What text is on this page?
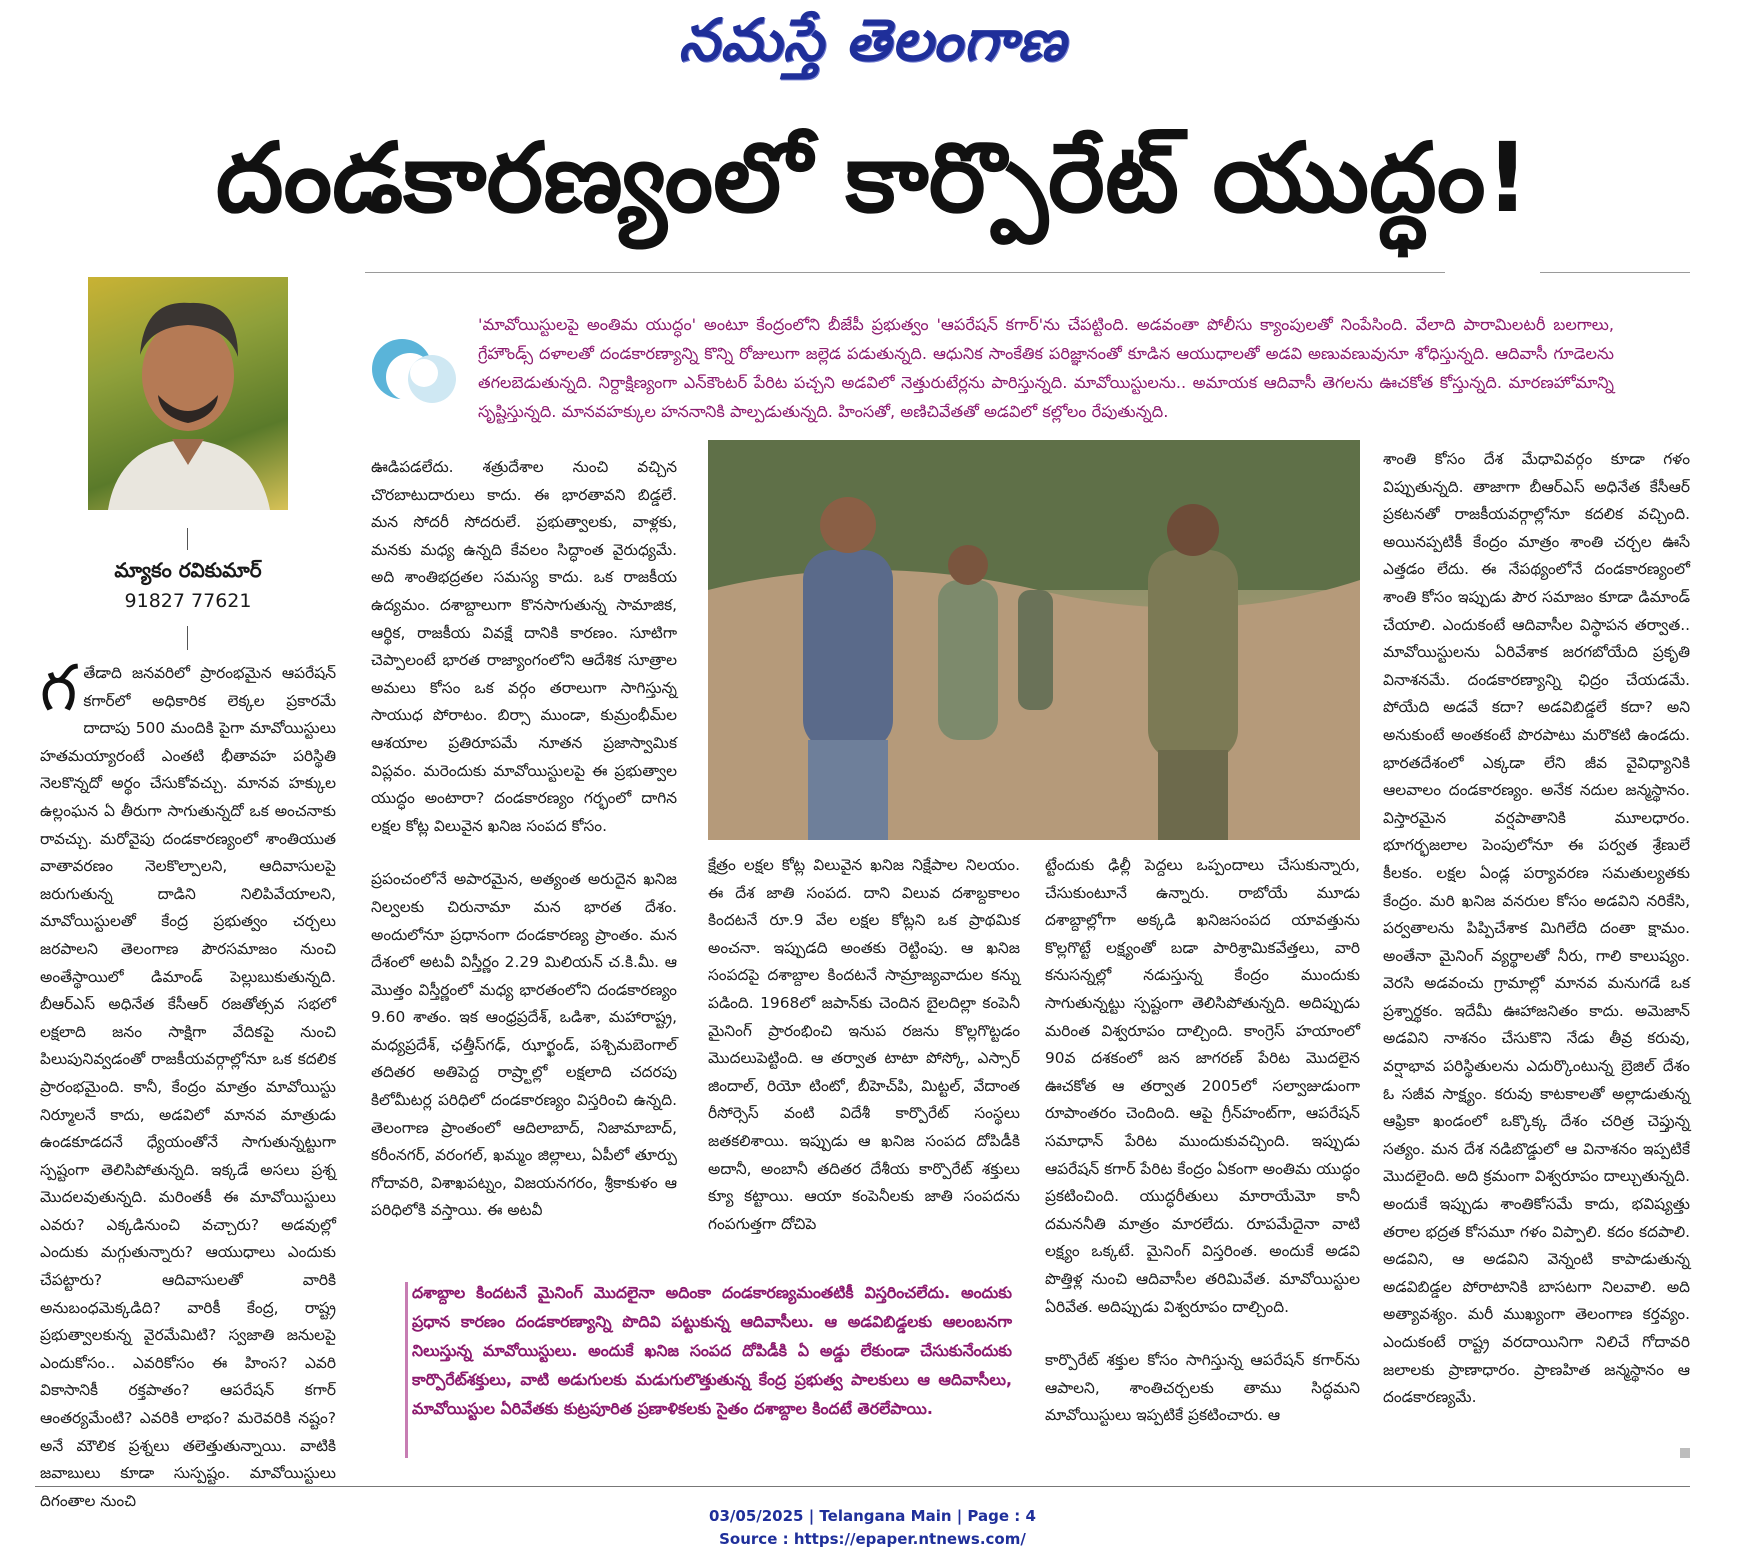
నమస్తే తెలంగాణ
దండకారణ్యంలో కార్పొరేట్ యుద్ధం!
మ్యాకం రవికుమార్
91827 77621
'మావోయిస్టులపై అంతిమ యుద్ధం' అంటూ కేంద్రంలోని బీజేపీ ప్రభుత్వం 'ఆపరేషన్ కగార్'ను చేపట్టింది. అడవంతా పోలీసు క్యాంపులతో నింపేసింది. వేలాది పారామిలటరీ బలగాలు, గ్రేహౌండ్స్ దళాలతో దండకారణ్యాన్ని కొన్ని రోజులుగా జల్లెడ పడుతున్నది. ఆధునిక సాంకేతిక పరిజ్ఞానంతో కూడిన ఆయుధాలతో అడవి అణువణువునూ శోధిస్తున్నది. ఆదివాసీ గూడెలను తగలబెడుతున్నది. నిర్దాక్షిణ్యంగా ఎన్‌కౌంటర్ పేరిట పచ్చని అడవిలో నెత్తురుటేర్లను పారిస్తున్నది. మావోయిస్టులను.. అమాయక ఆదివాసీ తెగలను ఊచకోత కోస్తున్నది. మారణహోమాన్ని సృష్టిస్తున్నది. మానవహక్కుల హననానికి పాల్పడుతున్నది. హింసతో, అణిచివేతతో అడవిలో కల్లోలం రేపుతున్నది.

గతేడాది జనవరిలో ప్రారంభమైన ఆపరేషన్ కగార్‌లో అధికారిక లెక్కల ప్రకారమే దాదాపు 500 మందికి పైగా మావోయిస్టులు హతమయ్యారంటే ఎంతటి భీతావహ పరిస్థితి నెలకొన్నదో అర్థం చేసుకోవచ్చు. మానవ హక్కుల ఉల్లంఘన ఏ తీరుగా సాగుతున్నదో ఒక అంచనాకు రావచ్చు. మరోవైపు దండకారణ్యంలో శాంతియుత వాతావరణం నెలకొల్పాలని, ఆదివాసులపై జరుగుతున్న దాడిని నిలిపివేయాలని, మావోయిస్టులతో కేంద్ర ప్రభుత్వం చర్చలు జరపాలని తెలంగాణ పౌరసమాజం నుంచి అంతేస్థాయిలో డిమాండ్ పెల్లుబుకుతున్నది. బీఆర్‌ఎస్ అధినేత కేసీఆర్ రజతోత్సవ సభలో లక్షలాది జనం సాక్షిగా వేదికపై నుంచి పిలుపునివ్వడంతో రాజకీయవర్గాల్లోనూ ఒక కదలిక ప్రారంభమైంది. కానీ, కేంద్రం మాత్రం మావోయిస్టు నిర్మూలనే కాదు, అడవిలో మానవ మాత్రుడు ఉండకూడదనే ధ్యేయంతోనే సాగుతున్నట్టుగా స్పష్టంగా తెలిసిపోతున్నది. ఇక్కడే అసలు ప్రశ్న మొదలవుతున్నది. మరింతకీ ఈ మావోయిస్టులు ఎవరు? ఎక్కడినుంచి వచ్చారు? అడవుల్లో ఎందుకు మగ్గుతున్నారు? ఆయుధాలు ఎందుకు చేపట్టారు? ఆదివాసులతో వారికి అనుబంధమెక్కడిది? వారికీ కేంద్ర, రాష్ట్ర ప్రభుత్వాలకున్న వైరమేమిటి? స్వజాతి జనులపై ఎందుకోసం.. ఎవరికోసం ఈ హింస? ఎవరి వికాసానికీ రక్తపాతం? ఆపరేషన్ కగార్ ఆంతర్యమేంటి? ఎవరికి లాభం? మరెవరికి నష్టం? అనే మౌలిక ప్రశ్నలు తలెత్తుతున్నాయి. వాటికి జవాబులు కూడా సుస్పష్టం. మావోయిస్టులు దిగంతాల నుంచి

ఊడిపడలేదు. శత్రుదేశాల నుంచి వచ్చిన చొరబాటుదారులు కాదు. ఈ భారతావని బిడ్డలే. మన సోదరీ సోదరులే. ప్రభుత్వాలకు, వాళ్లకు, మనకు మధ్య ఉన్నది కేవలం సిద్ధాంత వైరుధ్యమే. అది శాంతిభద్రతల సమస్య కాదు. ఒక రాజకీయ ఉద్యమం. దశాబ్దాలుగా కొనసాగుతున్న సామాజిక, ఆర్థిక, రాజకీయ వివక్షే దానికి కారణం. సూటిగా చెప్పాలంటే భారత రాజ్యాంగంలోని ఆదేశిక సూత్రాల అమలు కోసం ఒక వర్గం తరాలుగా సాగిస్తున్న సాయుధ పోరాటం. బిర్సా ముండా, కుమ్రంభీమ్‌ల ఆశయాల ప్రతిరూపమే నూతన ప్రజాస్వామిక విప్లవం. మరెందుకు మావోయిస్టులపై ఈ ప్రభుత్వాల యుద్ధం అంటారా? దండకారణ్యం గర్భంలో దాగిన లక్షల కోట్ల విలువైన ఖనిజ సంపద కోసం.

ప్రపంచంలోనే అపారమైన, అత్యంత అరుదైన ఖనిజ నిల్వలకు చిరునామా మన భారత దేశం. అందులోనూ ప్రధానంగా దండకారణ్య ప్రాంతం. మన దేశంలో అటవీ విస్తీర్ణం 2.29 మిలియన్ చ.కి.మీ. ఆ మొత్తం విస్తీర్ణంలో మధ్య భారతంలోని దండకారణ్యం 9.60 శాతం. ఇక ఆంధ్రప్రదేశ్, ఒడిశా, మహారాష్ట్ర, మధ్యప్రదేశ్, ఛత్తీస్‌గఢ్, ఝార్ఖండ్, పశ్చిమబెంగాల్ తదితర అతిపెద్ద రాష్ర్టాల్లో లక్షలాది చదరపు కిలోమీటర్ల పరిధిలో దండకారణ్యం విస్తరించి ఉన్నది. తెలంగాణ ప్రాంతంలో ఆదిలాబాద్, నిజామాబాద్, కరీంనగర్, వరంగల్, ఖమ్మం జిల్లాలు, ఏపీలో తూర్పు గోదావరి, విశాఖపట్నం, విజయనగరం, శ్రీకాకుళం ఆ పరిధిలోకి వస్తాయి. ఈ అటవీ

క్షేత్రం లక్షల కోట్ల విలువైన ఖనిజ నిక్షేపాల నిలయం. ఈ దేశ జాతి సంపద. దాని విలువ దశాబ్దకాలం కిందటనే రూ.9 వేల లక్షల కోట్లని ఒక ప్రాథమిక అంచనా. ఇప్పుడది అంతకు రెట్టింపు. ఆ ఖనిజ సంపదపై దశాబ్దాల కిందటనే సామ్రాజ్యవాదుల కన్ను పడింది. 1968లో జపాన్‌కు చెందిన బైలదిల్లా కంపెనీ మైనింగ్ ప్రారంభించి ఇనుప రజను కొల్లగొట్టడం మొదలుపెట్టింది. ఆ తర్వాత టాటా పోస్కో, ఎస్సార్ జిందాల్, రియో టింటో, బీహెచ్‌పి, మిట్టల్, వేదాంత రీసోర్సెస్ వంటి విదేశీ కార్పొరేట్ సంస్థలు జతకలిశాయి. ఇప్పుడు ఆ ఖనిజ సంపద దోపిడీకి అదానీ, అంబానీ తదితర దేశీయ కార్పొరేట్ శక్తులు క్యూ కట్టాయి. ఆయా కంపెనీలకు జాతి సంపదను గంపగుత్తగా దోచిపె

ట్టేందుకు ఢిల్లీ పెద్దలు ఒప్పందాలు చేసుకున్నారు, చేసుకుంటూనే ఉన్నారు. రాబోయే మూడు దశాబ్దాల్లోగా అక్కడి ఖనిజసంపద యావత్తును కొల్లగొట్టే లక్ష్యంతో బడా పారిశ్రామికవేత్తలు, వారి కనుసన్నల్లో నడుస్తున్న కేంద్రం ముందుకు సాగుతున్నట్టు స్పష్టంగా తెలిసిపోతున్నది. అదిప్పుడు మరింత విశ్వరూపం దాల్చింది. కాంగ్రెస్ హయాంలో 90వ దశకంలో జన జాగరణ్ పేరిట మొదలైన ఊచకోత ఆ తర్వాత 2005లో సల్వాజుడుంగా రూపాంతరం చెందింది. ఆపై గ్రీన్‌హంట్‌గా, ఆపరేషన్ సమాధాన్ పేరిట ముందుకువచ్చింది. ఇప్పుడు ఆపరేషన్ కగార్ పేరిట కేంద్రం ఏకంగా అంతిమ యుద్ధం ప్రకటించింది. యుద్ధరీతులు మారాయేమో కానీ దమననీతి మాత్రం మారలేదు. రూపమేదైనా వాటి లక్ష్యం ఒక్కటే. మైనింగ్ విస్తరింత. అందుకే అడవి పొత్తిళ్ల నుంచి ఆదివాసీల తరిమివేత. మావోయిస్టుల ఏరివేత. అదిప్పుడు విశ్వరూపం దాల్చింది.

కార్పొరేట్ శక్తుల కోసం సాగిస్తున్న ఆపరేషన్ కగార్‌ను ఆపాలని, శాంతిచర్చలకు తాము సిద్ధమని మావోయిస్టులు ఇప్పటికే ప్రకటించారు. ఆ

శాంతి కోసం దేశ మేధావివర్గం కూడా గళం విప్పుతున్నది. తాజాగా బీఆర్‌ఎస్ అధినేత కేసీఆర్ ప్రకటనతో రాజకీయవర్గాల్లోనూ కదలిక వచ్చింది. అయినప్పటికీ కేంద్రం మాత్రం శాంతి చర్చల ఊసే ఎత్తడం లేదు. ఈ నేపథ్యంలోనే దండకారణ్యంలో శాంతి కోసం ఇప్పుడు పౌర సమాజం కూడా డిమాండ్ చేయాలి. ఎందుకంటే ఆదివాసీల విస్థాపన తర్వాత.. మావోయిస్టులను ఏరివేశాక జరగబోయేది ప్రకృతి వినాశనమే. దండకారణ్యాన్ని ఛిద్రం చేయడమే. పోయేది అడవే కదా? అడవిబిడ్డలే కదా? అని అనుకుంటే అంతకంటే పొరపాటు మరొకటి ఉండదు. భారతదేశంలో ఎక్కడా లేని జీవ వైవిధ్యానికి ఆలవాలం దండకారణ్యం. అనేక నదుల జన్మస్థానం. విస్తారమైన వర్షపాతానికి మూలధారం. భూగర్భజలాల పెంపులోనూ ఈ పర్వత శ్రేణులే కీలకం. లక్షల ఏండ్ల పర్యావరణ సమతుల్యతకు కేంద్రం. మరి ఖనిజ వనరుల కోసం అడవిని నరికేసి, పర్వతాలను పిప్పిచేశాక మిగిలేది దంతా క్షామం. అంతేనా మైనింగ్ వ్యర్థాలతో నీరు, గాలి కాలుష్యం. వెరసి అడవంచు గ్రామాల్లో మానవ మనుగడే ఒక ప్రశ్నార్థకం. ఇదేమీ ఊహాజనితం కాదు. అమెజాన్ అడవిని నాశనం చేసుకొని నేడు తీవ్ర కరువు, వర్షాభావ పరిస్థితులను ఎదుర్కొంటున్న బ్రెజిల్ దేశం ఓ సజీవ సాక్ష్యం. కరువు కాటకాలతో అల్లాడుతున్న ఆఫ్రికా ఖండంలో ఒక్కొక్క దేశం చరిత్ర చెప్తున్న సత్యం. మన దేశ నడిబొడ్డులో ఆ వినాశనం ఇప్పటికే మొదలైంది. అది క్రమంగా విశ్వరూపం దాల్చుతున్నది. అందుకే ఇప్పుడు శాంతికోసమే కాదు, భవిష్యత్తు తరాల భద్రత కోసమూ గళం విప్పాలి. కదం కదపాలి. అడవిని, ఆ అడవిని వెన్నంటి కాపాడుతున్న అడవిబిడ్డల పోరాటానికి బాసటగా నిలవాలి. అది అత్యావశ్యం. మరీ ముఖ్యంగా తెలంగాణ కర్తవ్యం. ఎందుకంటే రాష్ట్ర వరదాయినిగా నిలిచే గోదావరి జలాలకు ప్రాణాధారం. ప్రాణహిత జన్మస్థానం ఆ దండకారణ్యమే.

దశాబ్దాల కిందటనే మైనింగ్ మొదలైనా అదింకా దండకారణ్యమంతటికీ విస్తరించలేదు. అందుకు ప్రధాన కారణం దండకారణ్యాన్ని పొదివి పట్టుకున్న ఆదివాసీలు. ఆ అడవిబిడ్డలకు ఆలంబనగా నిలుస్తున్న మావోయిస్టులు. అందుకే ఖనిజ సంపద దోపిడీకి ఏ అడ్డు లేకుండా చేసుకునేందుకు కార్పొరేట్‌శక్తులు, వాటి అడుగులకు మడుగులొత్తుతున్న కేంద్ర ప్రభుత్వ పాలకులు ఆ ఆదివాసీలు, మావోయిస్టుల ఏరివేతకు కుట్రపూరిత ప్రణాళికలకు సైతం దశాబ్దాల కిందటే తెరలేపాయి.
03/05/2025 | Telangana Main | Page : 4
Source : https://epaper.ntnews.com/
